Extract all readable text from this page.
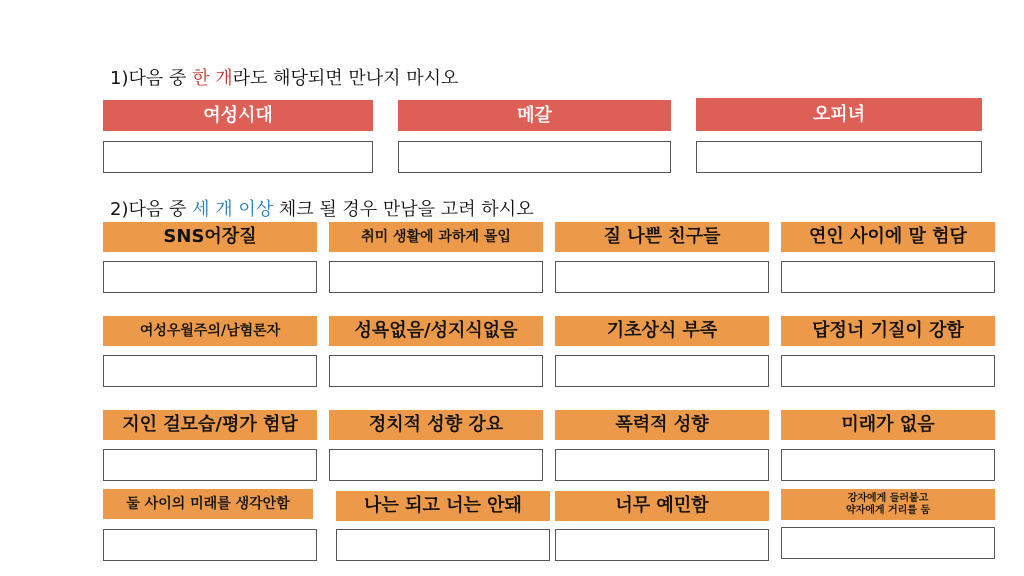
1)다음 중 한 개라도 해당되면 만나지 마시오
여성시대	메갈	오피녀
2)다음 중 세 개 이상 체크 될 경우 만남을 고려 하시오
SNS어장질	취미 생활에 과하게 몰입	질 나쁜 친구들	연인 사이에 말 험담
여성우월주의/남혐론자	성욕없음/성지식없음	기초상식 부족	답정너 기질이 강함
지인 걸모습/평가 험담	정치적 성향 강요	폭력적 성향	미래가 없음
둘 사이의 미래를 생각안함	나는 되고 너는 안돼	너무 예민함	강자에게 들러붙고
약자에게 거리를 둠
